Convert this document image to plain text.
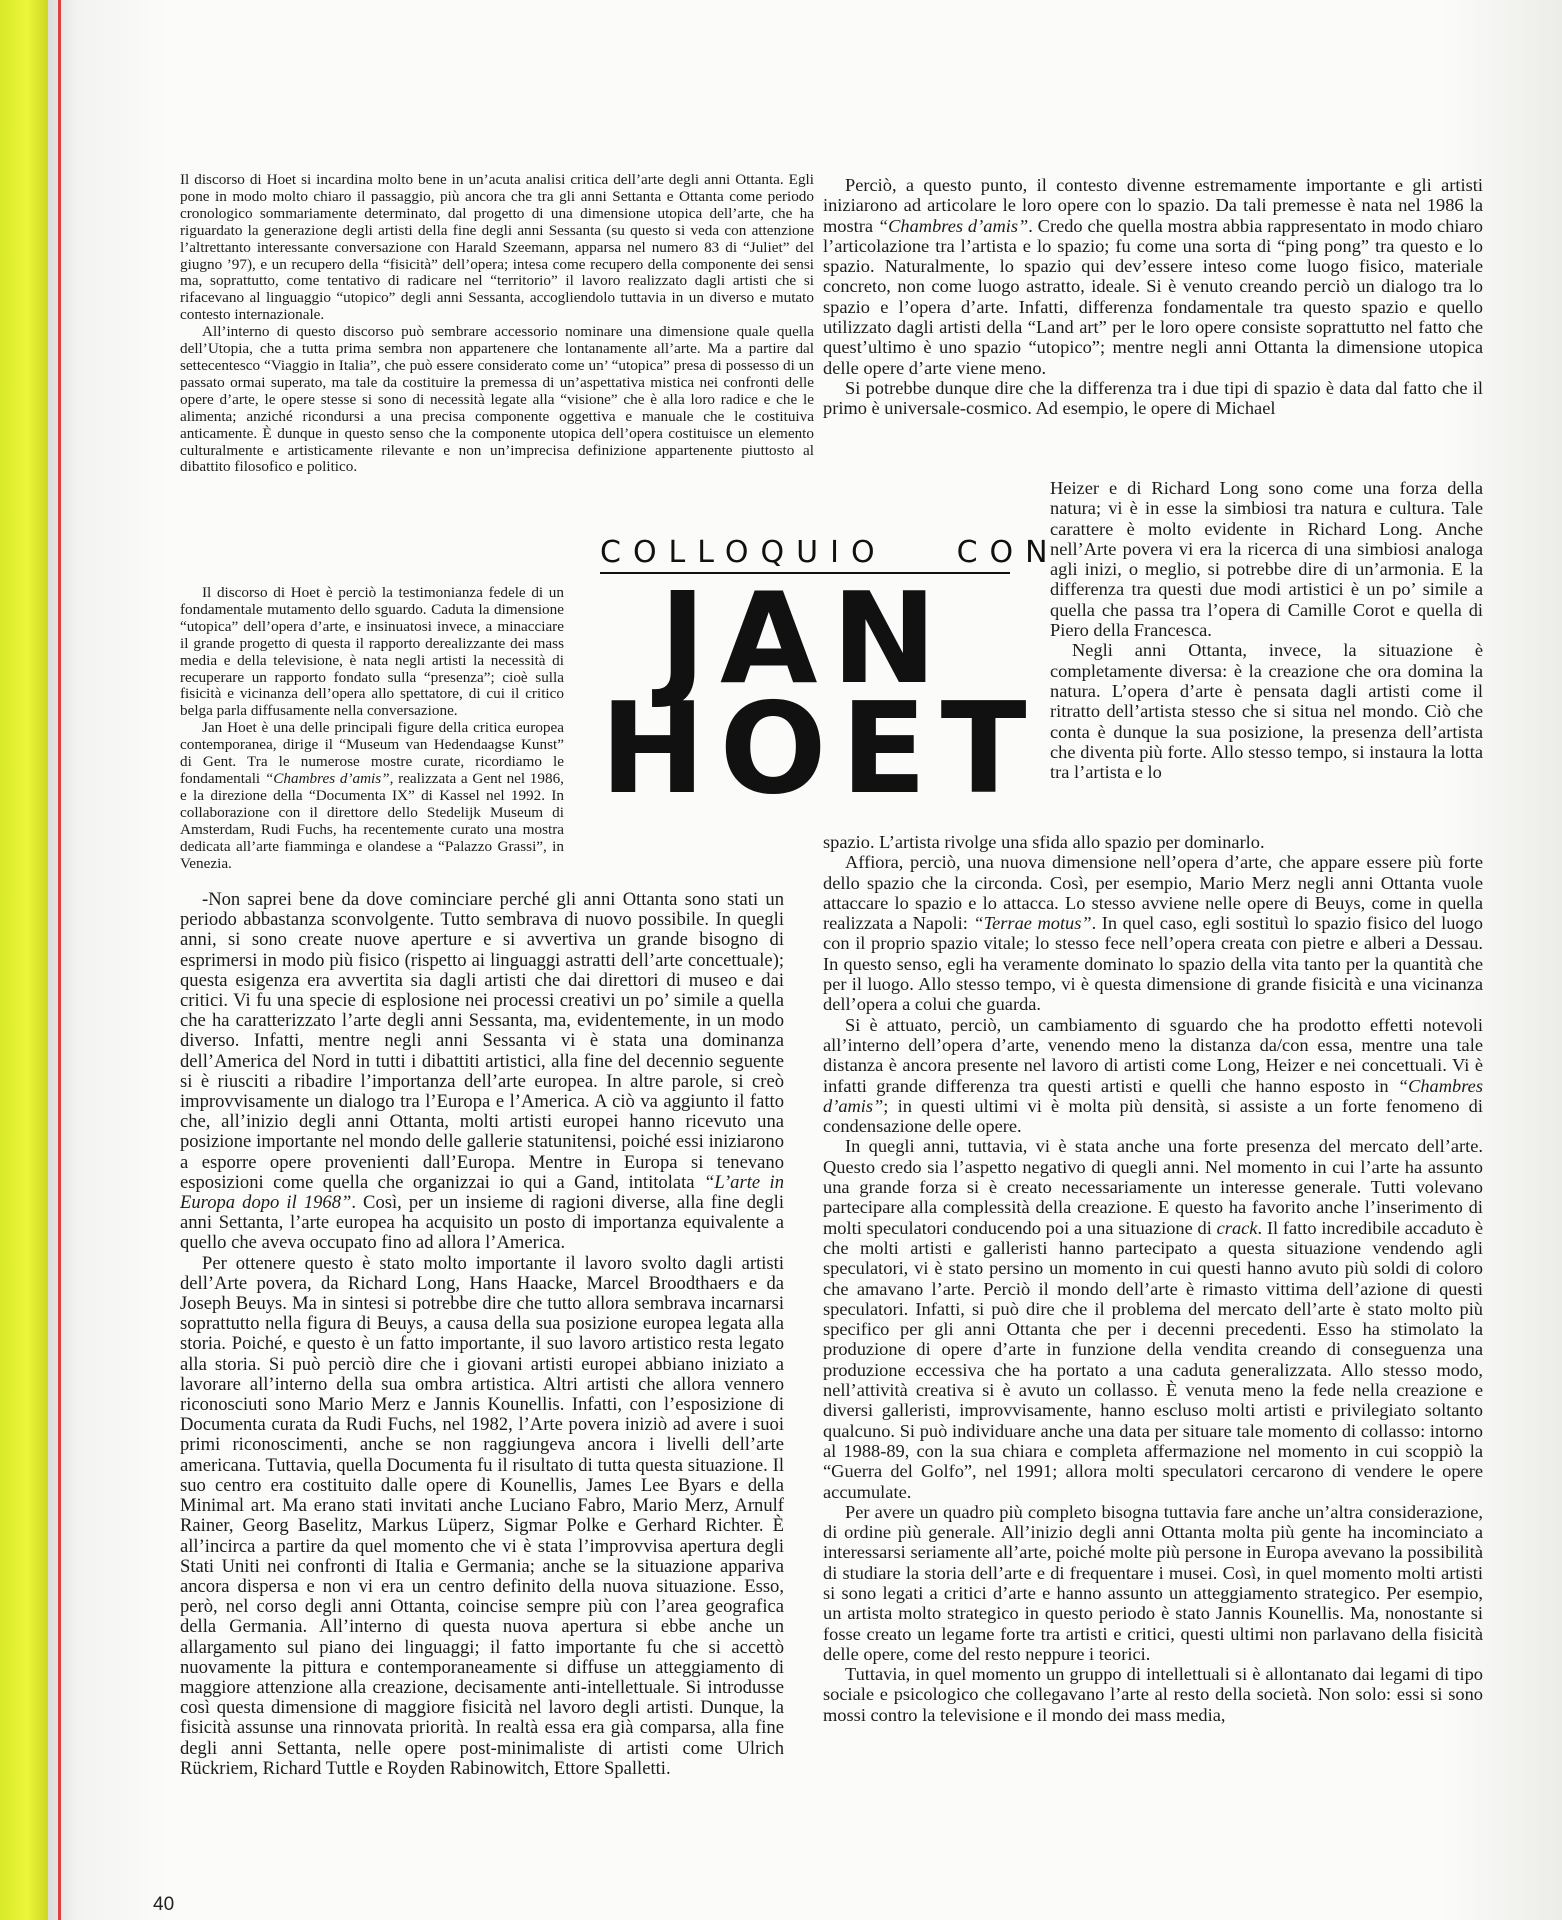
Il discorso di Hoet si incardina molto bene in un’acuta analisi critica dell’arte degli anni Ottanta. Egli pone in modo molto chiaro il passaggio, più ancora che tra gli anni Settanta e Ottanta come periodo cronologico sommariamente determinato, dal progetto di una dimensione utopica dell’arte, che ha riguardato la generazione degli artisti della fine degli anni Sessanta (su questo si veda con attenzione l’altrettanto interessante conversazione con Harald Szeemann, apparsa nel numero 83 di “Juliet” del giugno ’97), e un recupero della “fisicità” dell’opera; intesa come recupero della componente dei sensi ma, soprattutto, come tentativo di radicare nel “territorio” il lavoro realizzato dagli artisti che si rifacevano al linguaggio “utopico” degli anni Sessanta, accogliendolo tuttavia in un diverso e mutato contesto internazionale.

All’interno di questo discorso può sembrare accessorio nominare una dimensione quale quella dell’Utopia, che a tutta prima sembra non appartenere che lontanamente all’arte. Ma a partire dal settecentesco “Viaggio in Italia”, che può essere considerato come un’ “utopica” presa di possesso di un passato ormai superato, ma tale da costituire la premessa di un’aspettativa mistica nei confronti delle opere d’arte, le opere stesse si sono di necessità legate alla “visione” che è alla loro radice e che le alimenta; anziché ricondursi a una precisa componente oggettiva e manuale che le costituiva anticamente. È dunque in questo senso che la componente utopica dell’opera costituisce un elemento culturalmente e artisticamente rilevante e non un’imprecisa definizione appartenente piuttosto al dibattito filosofico e politico.

Il discorso di Hoet è perciò la testimonianza fedele di un fondamentale mutamento dello sguardo. Caduta la dimensione “utopica” dell’opera d’arte, e insinuatosi invece, a minacciare il grande progetto di questa il rapporto derealizzante dei mass media e della televisione, è nata negli artisti la necessità di recuperare un rapporto fondato sulla “presenza”; cioè sulla fisicità e vicinanza dell’opera allo spettatore, di cui il critico belga parla diffusamente nella conversazione.

Jan Hoet è una delle principali figure della critica europea contemporanea, dirige il “Museum van Hedendaagse Kunst” di Gent. Tra le numerose mostre curate, ricordiamo le fondamentali “Chambres d’amis”, realizzata a Gent nel 1986, e la direzione della “Documenta IX” di Kassel nel 1992. In collaborazione con il direttore dello Stedelijk Museum di Amsterdam, Rudi Fuchs, ha recentemente curato una mostra dedicata all’arte fiamminga e olandese a “Palazzo Grassi”, in Venezia.

COLLOQUIO CON
JAN
HOET

-Non saprei bene da dove cominciare perché gli anni Ottanta sono stati un periodo abbastanza sconvolgente. Tutto sembrava di nuovo possibile. In quegli anni, si sono create nuove aperture e si avvertiva un grande bisogno di esprimersi in modo più fisico (rispetto ai linguaggi astratti dell’arte concettuale); questa esigenza era avvertita sia dagli artisti che dai direttori di museo e dai critici. Vi fu una specie di esplosione nei processi creativi un po’ simile a quella che ha caratterizzato l’arte degli anni Sessanta, ma, evidentemente, in un modo diverso. Infatti, mentre negli anni Sessanta vi è stata una dominanza dell’America del Nord in tutti i dibattiti artistici, alla fine del decennio seguente si è riusciti a ribadire l’importanza dell’arte europea. In altre parole, si creò improvvisamente un dialogo tra l’Europa e l’America. A ciò va aggiunto il fatto che, all’inizio degli anni Ottanta, molti artisti europei hanno ricevuto una posizione importante nel mondo delle gallerie statunitensi, poiché essi iniziarono a esporre opere provenienti dall’Europa. Mentre in Europa si tenevano esposizioni come quella che organizzai io qui a Gand, intitolata “L’arte in Europa dopo il 1968”. Così, per un insieme di ragioni diverse, alla fine degli anni Settanta, l’arte europea ha acquisito un posto di importanza equivalente a quello che aveva occupato fino ad allora l’America.

Per ottenere questo è stato molto importante il lavoro svolto dagli artisti dell’Arte povera, da Richard Long, Hans Haacke, Marcel Broodthaers e da Joseph Beuys. Ma in sintesi si potrebbe dire che tutto allora sembrava incarnarsi soprattutto nella figura di Beuys, a causa della sua posizione europea legata alla storia. Poiché, e questo è un fatto importante, il suo lavoro artistico resta legato alla storia. Si può perciò dire che i giovani artisti europei abbiano iniziato a lavorare all’interno della sua ombra artistica. Altri artisti che allora vennero riconosciuti sono Mario Merz e Jannis Kounellis. Infatti, con l’esposizione di Documenta curata da Rudi Fuchs, nel 1982, l’Arte povera iniziò ad avere i suoi primi riconoscimenti, anche se non raggiungeva ancora i livelli dell’arte americana. Tuttavia, quella Documenta fu il risultato di tutta questa situazione. Il suo centro era costituito dalle opere di Kounellis, James Lee Byars e della Minimal art. Ma erano stati invitati anche Luciano Fabro, Mario Merz, Arnulf Rainer, Georg Baselitz, Markus Lüperz, Sigmar Polke e Gerhard Richter. È all’incirca a partire da quel momento che vi è stata l’improvvisa apertura degli Stati Uniti nei confronti di Italia e Germania; anche se la situazione appariva ancora dispersa e non vi era un centro definito della nuova situazione. Esso, però, nel corso degli anni Ottanta, coincise sempre più con l’area geografica della Germania. All’interno di questa nuova apertura si ebbe anche un allargamento sul piano dei linguaggi; il fatto importante fu che si accettò nuovamente la pittura e contemporaneamente si diffuse un atteggiamento di maggiore attenzione alla creazione, decisamente anti-intellettuale. Si introdusse così questa dimensione di maggiore fisicità nel lavoro degli artisti. Dunque, la fisicità assunse una rinnovata priorità. In realtà essa era già comparsa, alla fine degli anni Settanta, nelle opere post-minimaliste di artisti come Ulrich Rückriem, Richard Tuttle e Royden Rabinowitch, Ettore Spalletti.

Perciò, a questo punto, il contesto divenne estremamente importante e gli artisti iniziarono ad articolare le loro opere con lo spazio. Da tali premesse è nata nel 1986 la mostra “Chambres d’amis”. Credo che quella mostra abbia rappresentato in modo chiaro l’articolazione tra l’artista e lo spazio; fu come una sorta di “ping pong” tra questo e lo spazio. Naturalmente, lo spazio qui dev’essere inteso come luogo fisico, materiale concreto, non come luogo astratto, ideale. Si è venuto creando perciò un dialogo tra lo spazio e l’opera d’arte. Infatti, differenza fondamentale tra questo spazio e quello utilizzato dagli artisti della “Land art” per le loro opere consiste soprattutto nel fatto che quest’ultimo è uno spazio “utopico”; mentre negli anni Ottanta la dimensione utopica delle opere d’arte viene meno.

Si potrebbe dunque dire che la differenza tra i due tipi di spazio è data dal fatto che il primo è universale-cosmico. Ad esempio, le opere di Michael

Heizer e di Richard Long sono come una forza della natura; vi è in esse la simbiosi tra natura e cultura. Tale carattere è molto evidente in Richard Long. Anche nell’Arte povera vi era la ricerca di una simbiosi analoga agli inizi, o meglio, si potrebbe dire di un’armonia. E la differenza tra questi due modi artistici è un po’ simile a quella che passa tra l’opera di Camille Corot e quella di Piero della Francesca.

Negli anni Ottanta, invece, la situazione è completamente diversa: è la creazione che ora domina la natura. L’opera d’arte è pensata dagli artisti come il ritratto dell’artista stesso che si situa nel mondo. Ciò che conta è dunque la sua posizione, la presenza dell’artista che diventa più forte. Allo stesso tempo, si instaura la lotta tra l’artista e lo

spazio. L’artista rivolge una sfida allo spazio per dominarlo.

Affiora, perciò, una nuova dimensione nell’opera d’arte, che appare essere più forte dello spazio che la circonda. Così, per esempio, Mario Merz negli anni Ottanta vuole attaccare lo spazio e lo attacca. Lo stesso avviene nelle opere di Beuys, come in quella realizzata a Napoli: “Terrae motus”. In quel caso, egli sostituì lo spazio fisico del luogo con il proprio spazio vitale; lo stesso fece nell’opera creata con pietre e alberi a Dessau. In questo senso, egli ha veramente dominato lo spazio della vita tanto per la quantità che per il luogo. Allo stesso tempo, vi è questa dimensione di grande fisicità e una vicinanza dell’opera a colui che guarda.

Si è attuato, perciò, un cambiamento di sguardo che ha prodotto effetti notevoli all’interno dell’opera d’arte, venendo meno la distanza da/con essa, mentre una tale distanza è ancora presente nel lavoro di artisti come Long, Heizer e nei concettuali. Vi è infatti grande differenza tra questi artisti e quelli che hanno esposto in “Chambres d’amis”; in questi ultimi vi è molta più densità, si assiste a un forte fenomeno di condensazione delle opere.

In quegli anni, tuttavia, vi è stata anche una forte presenza del mercato dell’arte. Questo credo sia l’aspetto negativo di quegli anni. Nel momento in cui l’arte ha assunto una grande forza si è creato necessariamente un interesse generale. Tutti volevano partecipare alla complessità della creazione. E questo ha favorito anche l’inserimento di molti speculatori conducendo poi a una situazione di crack. Il fatto incredibile accaduto è che molti artisti e galleristi hanno partecipato a questa situazione vendendo agli speculatori, vi è stato persino un momento in cui questi hanno avuto più soldi di coloro che amavano l’arte. Perciò il mondo dell’arte è rimasto vittima dell’azione di questi speculatori. Infatti, si può dire che il problema del mercato dell’arte è stato molto più specifico per gli anni Ottanta che per i decenni precedenti. Esso ha stimolato la produzione di opere d’arte in funzione della vendita creando di conseguenza una produzione eccessiva che ha portato a una caduta generalizzata. Allo stesso modo, nell’attività creativa si è avuto un collasso. È venuta meno la fede nella creazione e diversi galleristi, improvvisamente, hanno escluso molti artisti e privilegiato soltanto qualcuno. Si può individuare anche una data per situare tale momento di collasso: intorno al 1988-89, con la sua chiara e completa affermazione nel momento in cui scoppiò la “Guerra del Golfo”, nel 1991; allora molti speculatori cercarono di vendere le opere accumulate.

Per avere un quadro più completo bisogna tuttavia fare anche un’altra considerazione, di ordine più generale. All’inizio degli anni Ottanta molta più gente ha incominciato a interessarsi seriamente all’arte, poiché molte più persone in Europa avevano la possibilità di studiare la storia dell’arte e di frequentare i musei. Così, in quel momento molti artisti si sono legati a critici d’arte e hanno assunto un atteggiamento strategico. Per esempio, un artista molto strategico in questo periodo è stato Jannis Kounellis. Ma, nonostante si fosse creato un legame forte tra artisti e critici, questi ultimi non parlavano della fisicità delle opere, come del resto neppure i teorici.

Tuttavia, in quel momento un gruppo di intellettuali si è allontanato dai legami di tipo sociale e psicologico che collegavano l’arte al resto della società. Non solo: essi si sono mossi contro la televisione e il mondo dei mass media,

40
